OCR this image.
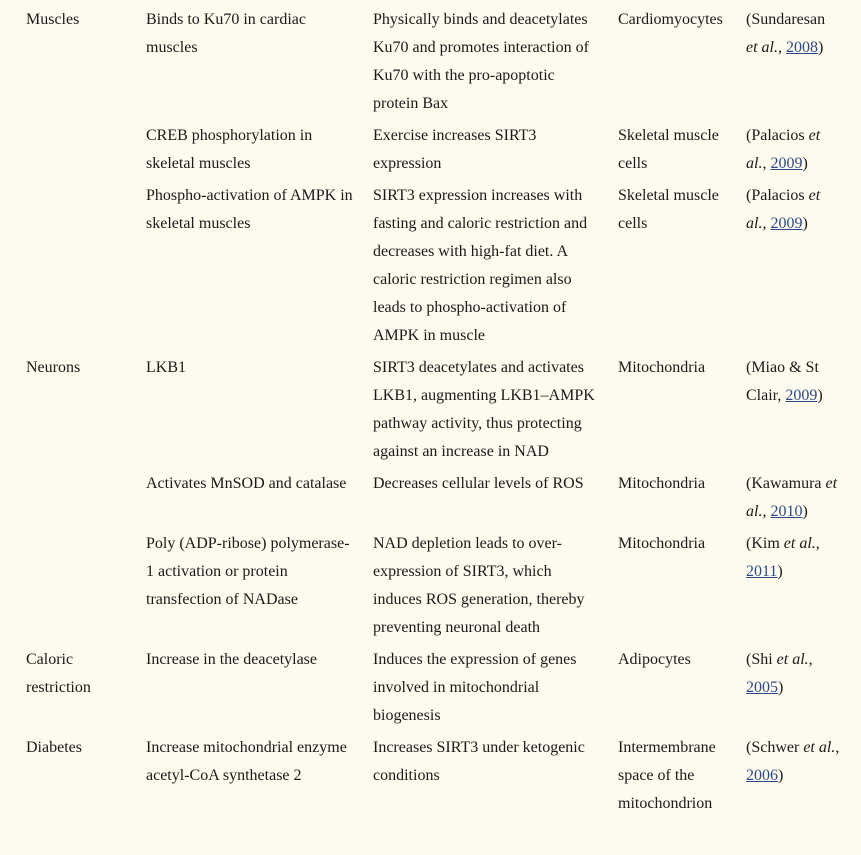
Muscles	Binds to Ku70 in cardiac muscles	Physically binds and deacetylates Ku70 and promotes interaction of Ku70 with the pro-apoptotic protein Bax	Cardiomyocytes	(Sundaresan et al., 2008)
	CREB phosphorylation in skeletal muscles	Exercise increases SIRT3 expression	Skeletal muscle cells	(Palacios et al., 2009)
	Phospho-activation of AMPK in skeletal muscles	SIRT3 expression increases with fasting and caloric restriction and decreases with high-fat diet. A caloric restriction regimen also leads to phospho-activation of AMPK in muscle	Skeletal muscle cells	(Palacios et al., 2009)
Neurons	LKB1	SIRT3 deacetylates and activates LKB1, augmenting LKB1–AMPK pathway activity, thus protecting against an increase in NAD	Mitochondria	(Miao & St Clair, 2009)
	Activates MnSOD and catalase	Decreases cellular levels of ROS	Mitochondria	(Kawamura et al., 2010)
	Poly (ADP-ribose) polymerase-1 activation or protein transfection of NADase	NAD depletion leads to over-expression of SIRT3, which induces ROS generation, thereby preventing neuronal death	Mitochondria	(Kim et al., 2011)
Caloric restriction	Increase in the deacetylase	Induces the expression of genes involved in mitochondrial biogenesis	Adipocytes	(Shi et al., 2005)
Diabetes	Increase mitochondrial enzyme acetyl-CoA synthetase 2	Increases SIRT3 under ketogenic conditions	Intermembrane space of the mitochondrion	(Schwer et al., 2006)
